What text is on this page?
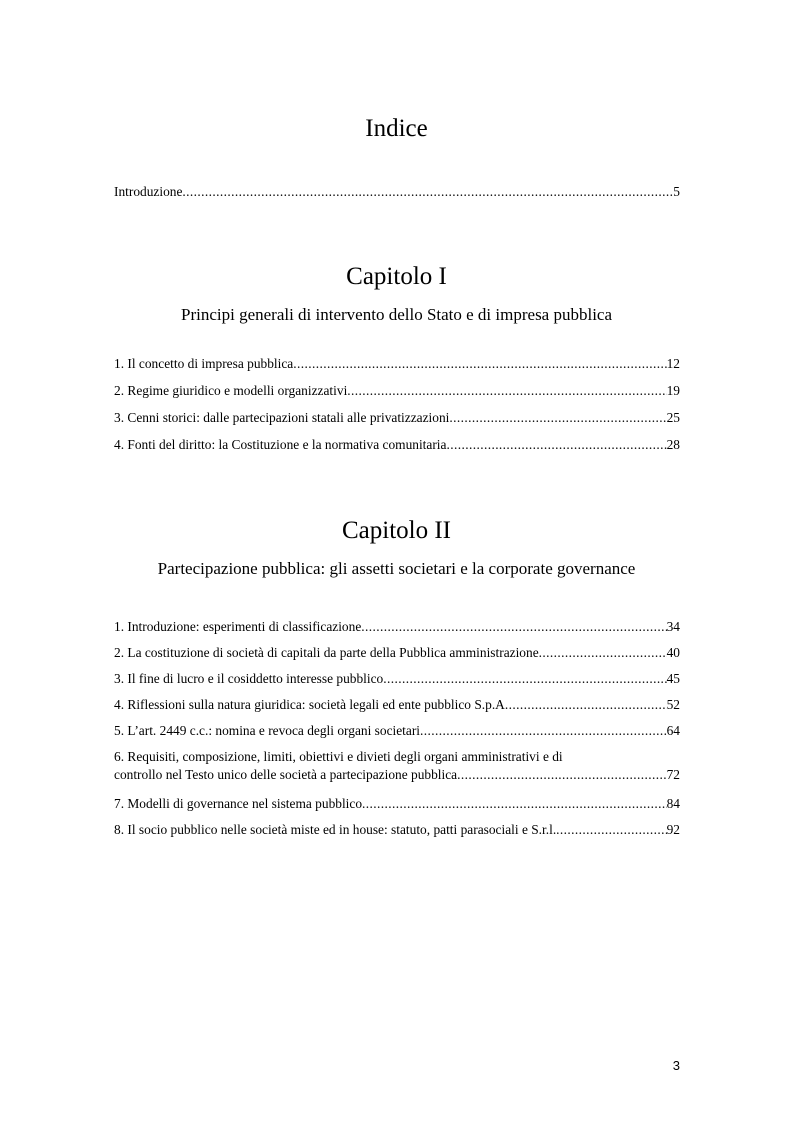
Indice
Introduzione .....	5
Capitolo I
Principi generali di intervento dello Stato e di impresa pubblica
1. Il concetto di impresa pubblica .....	12
2. Regime giuridico e modelli organizzativi .....	19
3. Cenni storici: dalle partecipazioni statali alle privatizzazioni .....	25
4. Fonti del diritto: la Costituzione e la normativa comunitaria .....	28
Capitolo II
Partecipazione pubblica: gli assetti societari e la corporate governance
1. Introduzione: esperimenti di classificazione .....	34
2. La costituzione di società di capitali da parte della Pubblica amministrazione .....	40
3. Il fine di lucro e il cosiddetto interesse pubblico .....	45
4. Riflessioni sulla natura giuridica: società legali ed ente pubblico S.p.A .....	52
5. L’art. 2449 c.c.: nomina e revoca degli organi societari .....	64
6. Requisiti, composizione, limiti, obiettivi e divieti degli organi amministrativi e di
controllo nel Testo unico delle società a partecipazione pubblica .....	72
7. Modelli di governance nel sistema pubblico .....	84
8. Il socio pubblico nelle società miste ed in house: statuto, patti parasociali e S.r.l. .....	92
3
